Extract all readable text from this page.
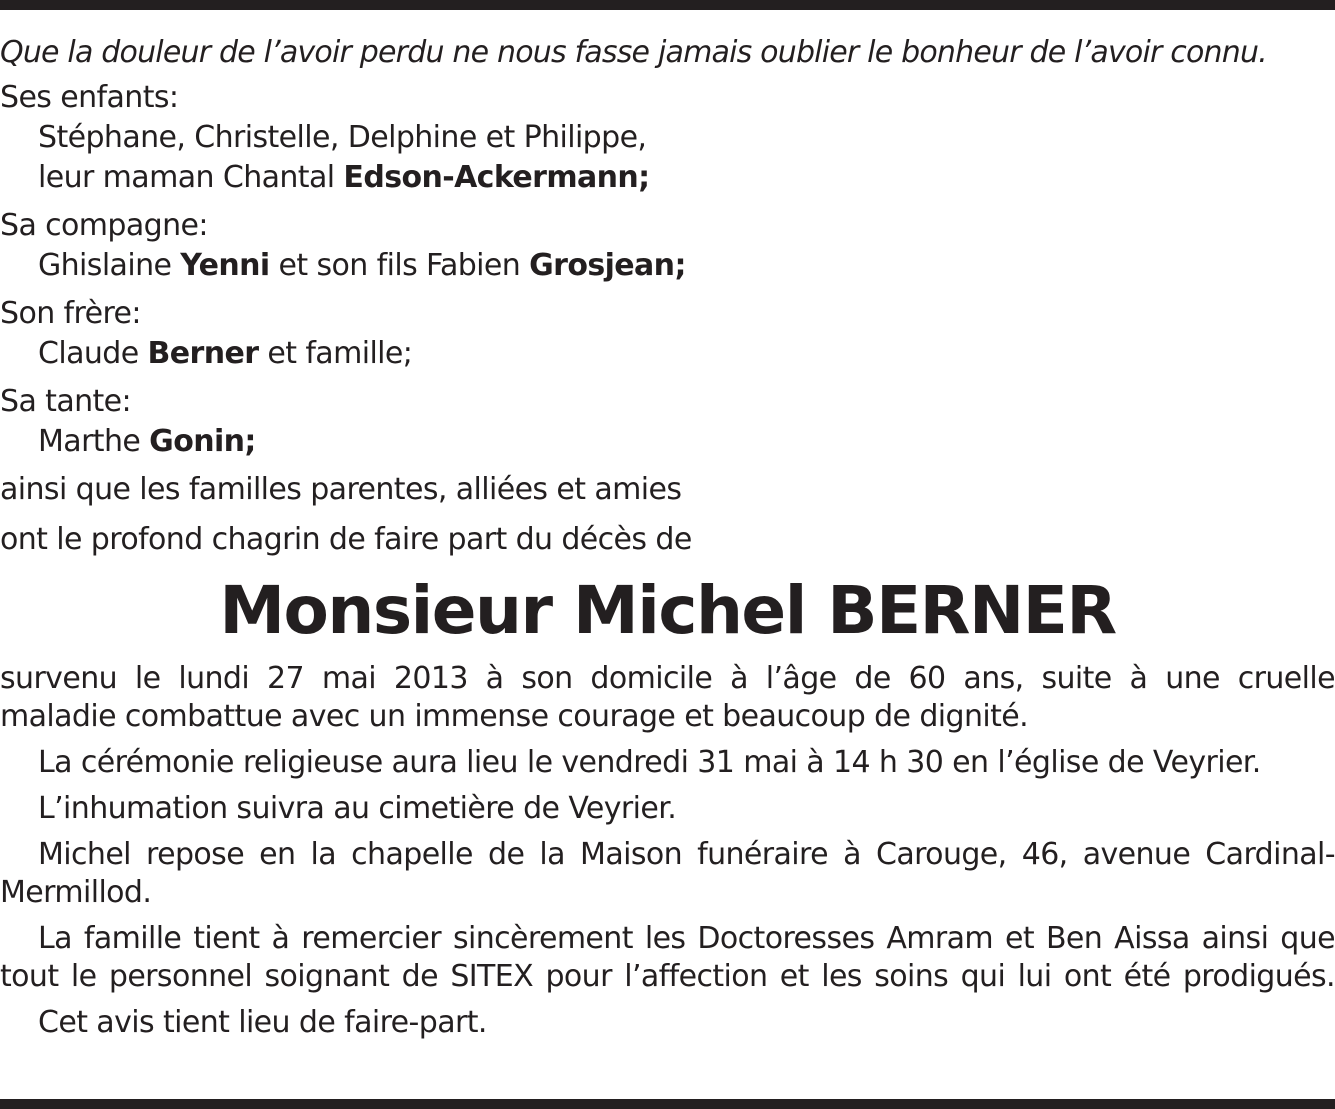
Que la douleur de l’avoir perdu ne nous fasse jamais oublier le bonheur de l’avoir connu.
Ses enfants:
Stéphane, Christelle, Delphine et Philippe,
leur maman Chantal Edson-Ackermann;
Sa compagne:
Ghislaine Yenni et son fils Fabien Grosjean;
Son frère:
Claude Berner et famille;
Sa tante:
Marthe Gonin;
ainsi que les familles parentes, alliées et amies
ont le profond chagrin de faire part du décès de
Monsieur Michel BERNER
survenu le lundi 27 mai 2013 à son domicile à l’âge de 60 ans, suite à une cruelle
maladie combattue avec un immense courage et beaucoup de dignité.
La cérémonie religieuse aura lieu le vendredi 31 mai à 14 h 30 en l’église de Veyrier.
L’inhumation suivra au cimetière de Veyrier.
Michel repose en la chapelle de la Maison funéraire à Carouge, 46, avenue Cardinal-
Mermillod.
La famille tient à remercier sincèrement les Doctoresses Amram et Ben Aissa ainsi que
tout le personnel soignant de SITEX pour l’affection et les soins qui lui ont été prodigués.
Cet avis tient lieu de faire-part.
